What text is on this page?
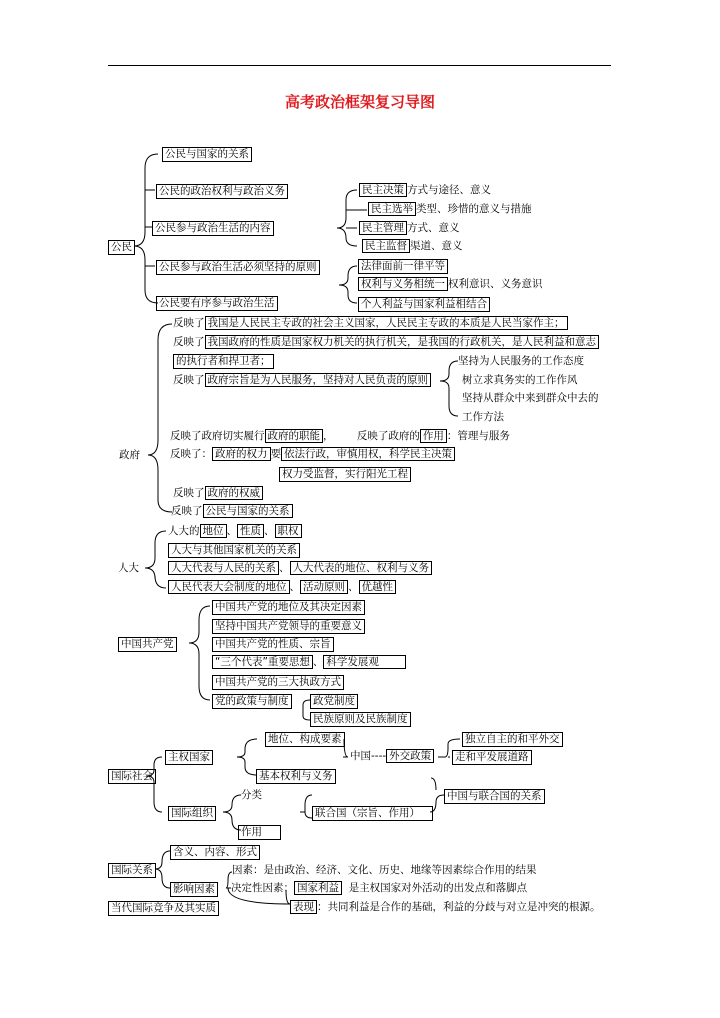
高考政治框架复习导图
公民
公民与国家的关系
公民的政治权利与政治义务
公民参与政治生活的内容
公民参与政治生活必须坚持的原则
公民要有序参与政治生活
民主决策 方式与途径、意义
民主选举 类型、珍惜的意义与措施
民主管理 方式、意义
民主监督 渠道、意义
法律面前一律平等
权利与义务相统一 权利意识、义务意识
个人利益与国家利益相结合
政府
反映了 我国是人民民主专政的社会主义国家，人民民主专政的本质是人民当家作主；
反映了 我国政府的性质是国家权力机关的执行机关，是我国的行政机关，是人民利益和意志
的执行者和捍卫者；
反映了 政府宗旨是为人民服务，坚持对人民负责的原则
坚持为人民服务的工作态度
树立求真务实的工作作风
坚持从群众中来到群众中去的
工作方法
反映了政府切实履行 政府的职能 ， 反映了政府的 作用 ：管理与服务
反映了： 政府的权力 要 依法行政，审慎用权，科学民主决策
权力受监督，实行阳光工程
反映了 政府的权威
反映了 公民与国家的关系
人大
人大的 地位 、 性质 、 职权
人大与其他国家机关的关系
人大代表与人民的关系 、 人大代表的地位、权利与义务
人民代表大会制度的地位 、 活动原则 、 优越性
中国共产党
中国共产党的地位及其决定因素
坚持中国共产党领导的重要意义
中国共产党的性质、宗旨
“三个代表”重要思想 、 科学发展观
中国共产党的三大执政方式
党的政策与制度 政党制度
民族原则及民族制度
国际社会
主权国家
地位、构成要素
基本权利与义务
中国---- 外交政策
独立自主的和平外交
走和平发展道路
国际组织
分类
作用
联合国（宗旨、作用）
中国与联合国的关系
国际关系
含义、内容、形式
影响因素
因素：是由政治、经济、文化、历史、地缘等因素综合作用的结果
决定性因素： 国家利益 是主权国家对外活动的出发点和落脚点
表现 ：共同利益是合作的基础，利益的分歧与对立是冲突的根源。
当代国际竞争及其实质
